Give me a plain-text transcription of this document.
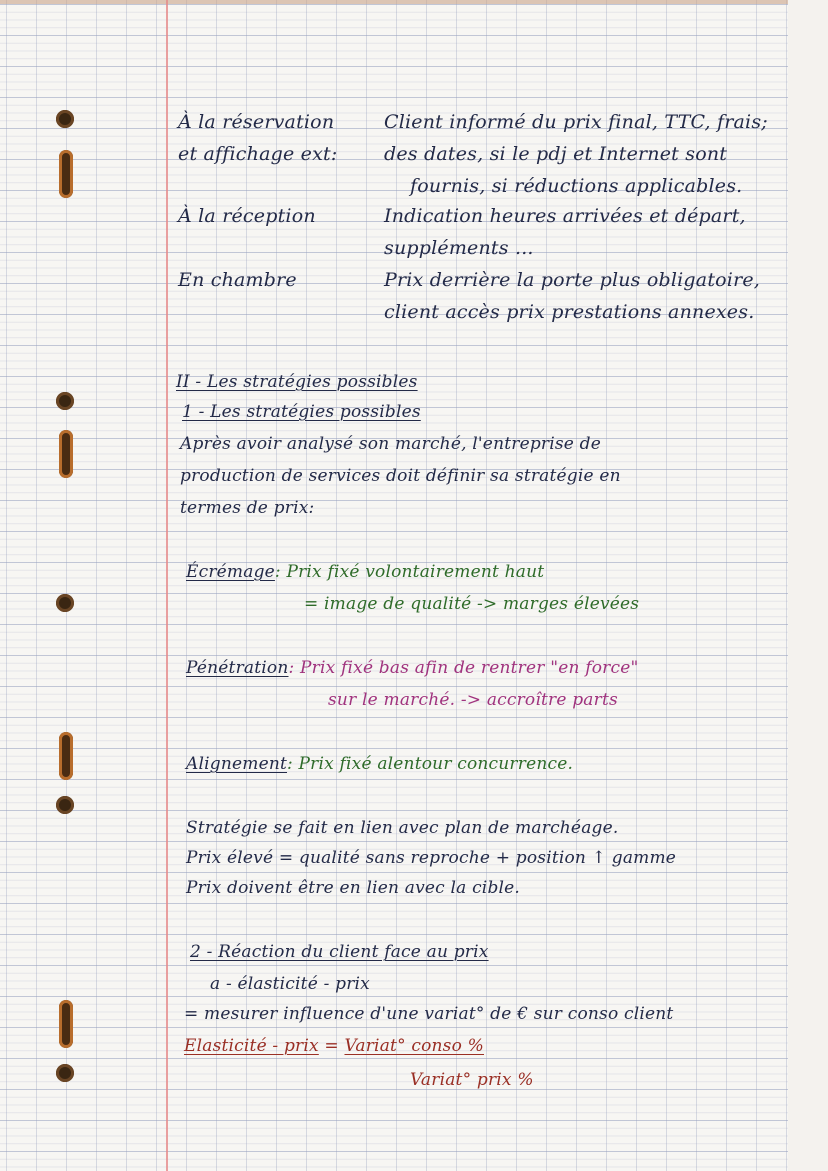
À la réservation
et affichage ext:
Client informé du prix final, TTC, frais;
des dates, si le pdj et Internet sont
fournis, si réductions applicables.
À la réception	Indication heures arrivées et départ,
suppléments ...
En chambre	Prix derrière la porte plus obligatoire,
client accès prix prestations annexes.
II - Les stratégies possibles
1 - Les stratégies possibles
Après avoir analysé son marché, l'entreprise de
production de services doit définir sa stratégie en
termes de prix:
Écrémage: Prix fixé volontairement haut
= image de qualité -> marges élevées
Pénétration: Prix fixé bas afin de rentrer "en force"
sur le marché. -> accroître parts
Alignement: Prix fixé alentour concurrence.
Stratégie se fait en lien avec plan de marchéage.
Prix élevé = qualité sans reproche + position ↑ gamme
Prix doivent être en lien avec la cible.
2 - Réaction du client face au prix
a - élasticité - prix
= mesurer influence d'une variat° de € sur conso client
Elasticité - prix = Variat° conso %
Variat° prix %
